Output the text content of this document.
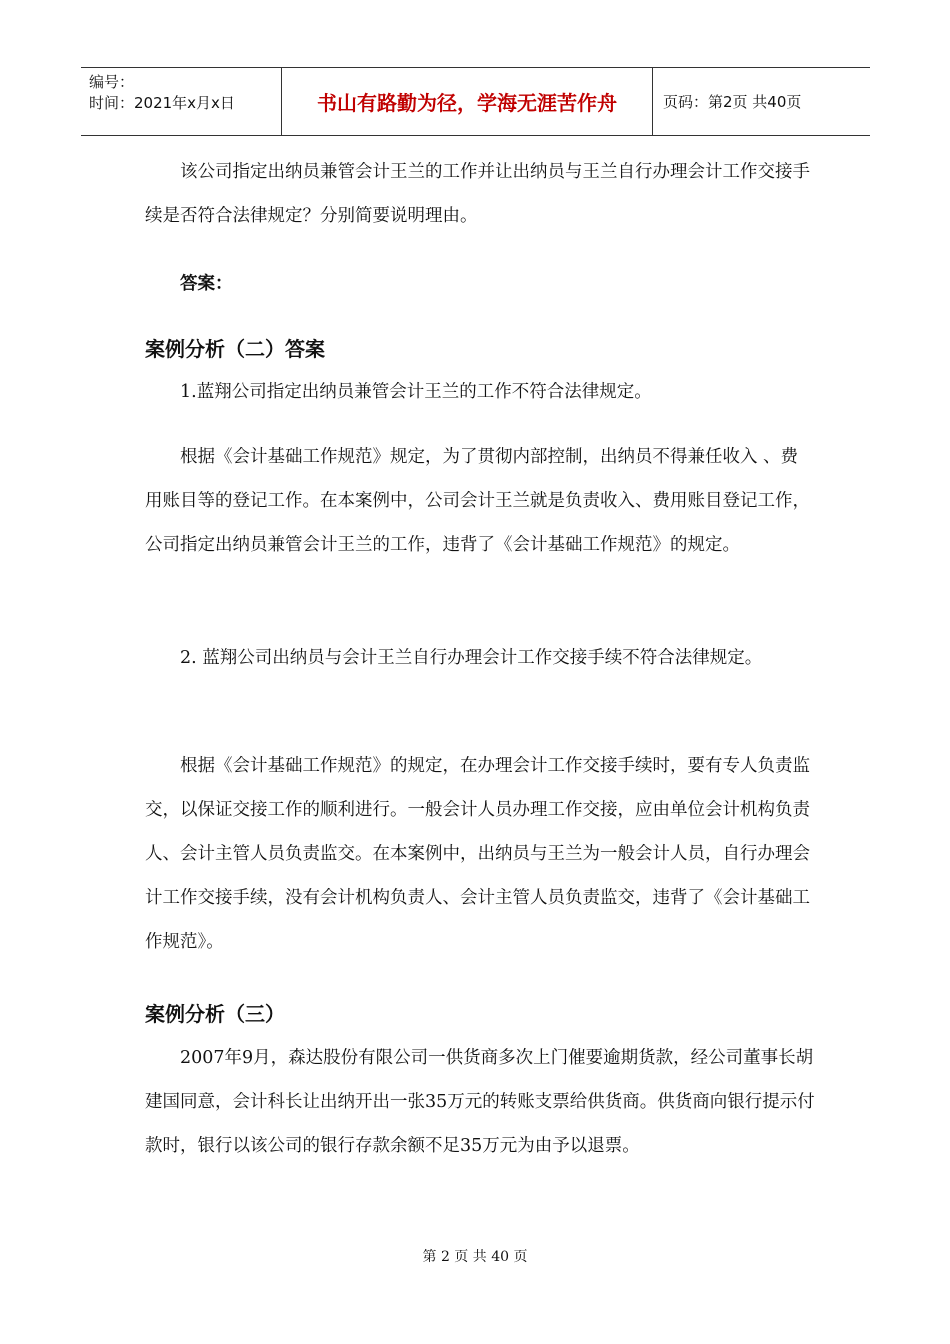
编号：
时间：2021年x月x日	书山有路勤为径，学海无涯苦作舟	页码：第2页 共40页
该公司指定出纳员兼管会计王兰的工作并让出纳员与王兰自行办理会计工作交接手续是否符合法律规定？分别简要说明理由。
答案：
案例分析（二）答案
1.蓝翔公司指定出纳员兼管会计王兰的工作不符合法律规定。
根据《会计基础工作规范》规定，为了贯彻内部控制，出纳员不得兼任收入 、费用账目等的登记工作。在本案例中，公司会计王兰就是负责收入、费用账目登记工作，公司指定出纳员兼管会计王兰的工作，违背了《会计基础工作规范》的规定。
2. 蓝翔公司出纳员与会计王兰自行办理会计工作交接手续不符合法律规定。
根据《会计基础工作规范》的规定，在办理会计工作交接手续时，要有专人负责监交，以保证交接工作的顺利进行。一般会计人员办理工作交接，应由单位会计机构负责人、会计主管人员负责监交。在本案例中，出纳员与王兰为一般会计人员，自行办理会计工作交接手续，没有会计机构负责人、会计主管人员负责监交，违背了《会计基础工作规范》。
案例分析（三）
2007年9月，森达股份有限公司一供货商多次上门催要逾期货款，经公司董事长胡建国同意，会计科长让出纳开出一张35万元的转账支票给供货商。供货商向银行提示付款时，银行以该公司的银行存款余额不足35万元为由予以退票。
第 2 页 共 40 页
